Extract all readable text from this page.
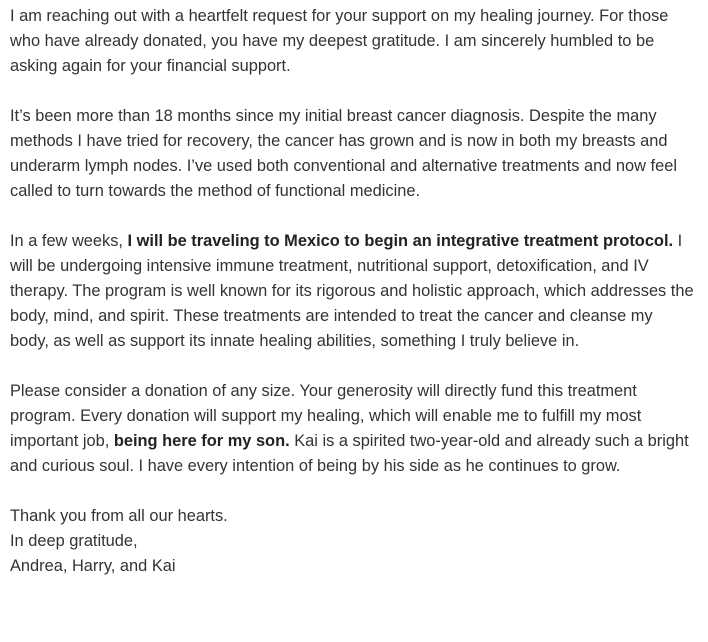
I am reaching out with a heartfelt request for your support on my healing journey. For those who have already donated, you have my deepest gratitude. I am sincerely humbled to be asking again for your financial support.

It’s been more than 18 months since my initial breast cancer diagnosis. Despite the many methods I have tried for recovery, the cancer has grown and is now in both my breasts and underarm lymph nodes. I’ve used both conventional and alternative treatments and now feel called to turn towards the method of functional medicine.

In a few weeks, I will be traveling to Mexico to begin an integrative treatment protocol. I will be undergoing intensive immune treatment, nutritional support, detoxification, and IV therapy. The program is well known for its rigorous and holistic approach, which addresses the body, mind, and spirit. These treatments are intended to treat the cancer and cleanse my body, as well as support its innate healing abilities, something I truly believe in.

Please consider a donation of any size. Your generosity will directly fund this treatment program. Every donation will support my healing, which will enable me to fulfill my most important job, being here for my son. Kai is a spirited two-year-old and already such a bright and curious soul. I have every intention of being by his side as he continues to grow.

Thank you from all our hearts.
In deep gratitude,
Andrea, Harry, and Kai
